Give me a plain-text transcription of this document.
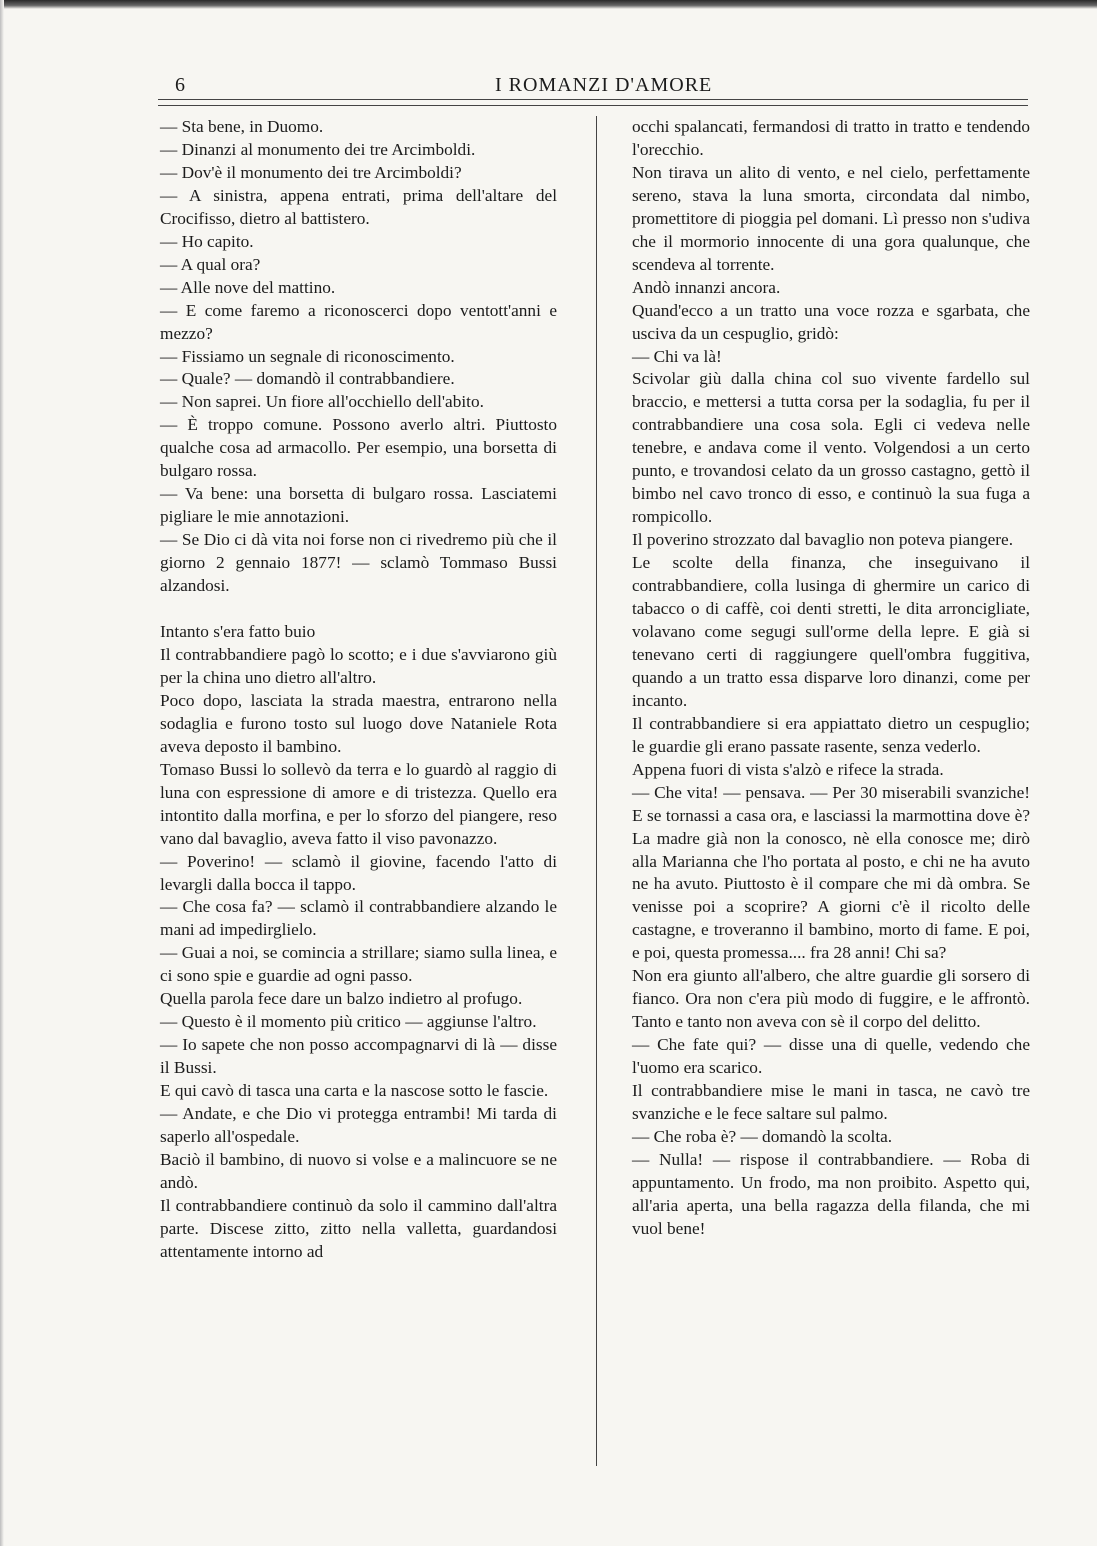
6	I ROMANZI D'AMORE

— Sta bene, in Duomo.

— Dinanzi al monumento dei tre Arcimboldi.

— Dov'è il monumento dei tre Arcimboldi?

— A sinistra, appena entrati, prima dell'altare del Crocifisso, dietro al battistero.

— Ho capito.

— A qual ora?

— Alle nove del mattino.

— E come faremo a riconoscerci dopo ventott'anni e mezzo?

— Fissiamo un segnale di riconoscimento.

— Quale? — domandò il contrabbandiere.

— Non saprei. Un fiore all'occhiello dell'abito.

— È troppo comune. Possono averlo altri. Piuttosto qualche cosa ad armacollo. Per esempio, una borsetta di bulgaro rossa.

— Va bene: una borsetta di bulgaro rossa. Lasciatemi pigliare le mie annotazioni.

— Se Dio ci dà vita noi forse non ci rivedremo più che il giorno 2 gennaio 1877! — sclamò Tommaso Bussi alzandosi.

Intanto s'era fatto buio

Il contrabbandiere pagò lo scotto; e i due s'avviarono giù per la china uno dietro all'altro.

Poco dopo, lasciata la strada maestra, entrarono nella sodaglia e furono tosto sul luogo dove Nataniele Rota aveva deposto il bambino.

Tomaso Bussi lo sollevò da terra e lo guardò al raggio di luna con espressione di amore e di tristezza. Quello era intontito dalla morfina, e per lo sforzo del piangere, reso vano dal bavaglio, aveva fatto il viso pavonazzo.

— Poverino! — sclamò il giovine, facendo l'atto di levargli dalla bocca il tappo.

— Che cosa fa? — sclamò il contrabbandiere alzando le mani ad impedirglielo.

— Guai a noi, se comincia a strillare; siamo sulla linea, e ci sono spie e guardie ad ogni passo.

Quella parola fece dare un balzo indietro al profugo.

— Questo è il momento più critico — aggiunse l'altro.

— Io sapete che non posso accompagnarvi di là — disse il Bussi.

E qui cavò di tasca una carta e la nascose sotto le fascie.

— Andate, e che Dio vi protegga entrambi! Mi tarda di saperlo all'ospedale.

Baciò il bambino, di nuovo si volse e a malincuore se ne andò.

Il contrabbandiere continuò da solo il cammino dall'altra parte. Discese zitto, zitto nella valletta, guardandosi attentamente intorno ad

occhi spalancati, fermandosi di tratto in tratto e tendendo l'orecchio.

Non tirava un alito di vento, e nel cielo, perfettamente sereno, stava la luna smorta, circondata dal nimbo, promettitore di pioggia pel domani. Lì presso non s'udiva che il mormorio innocente di una gora qualunque, che scendeva al torrente.

Andò innanzi ancora.

Quand'ecco a un tratto una voce rozza e sgarbata, che usciva da un cespuglio, gridò:

— Chi va là!

Scivolar giù dalla china col suo vivente fardello sul braccio, e mettersi a tutta corsa per la sodaglia, fu per il contrabbandiere una cosa sola. Egli ci vedeva nelle tenebre, e andava come il vento. Volgendosi a un certo punto, e trovandosi celato da un grosso castagno, gettò il bimbo nel cavo tronco di esso, e continuò la sua fuga a rompicollo.

Il poverino strozzato dal bavaglio non poteva piangere.

Le scolte della finanza, che inseguivano il contrabbandiere, colla lusinga di ghermire un carico di tabacco o di caffè, coi denti stretti, le dita arroncigliate, volavano come segugi sull'orme della lepre. E già si tenevano certi di raggiungere quell'ombra fuggitiva, quando a un tratto essa disparve loro dinanzi, come per incanto.

Il contrabbandiere si era appiattato dietro un cespuglio; le guardie gli erano passate rasente, senza vederlo.

Appena fuori di vista s'alzò e rifece la strada.

— Che vita! — pensava. — Per 30 miserabili svanziche! E se tornassi a casa ora, e lasciassi la marmottina dove è? La madre già non la conosco, nè ella conosce me; dirò alla Marianna che l'ho portata al posto, e chi ne ha avuto ne ha avuto. Piuttosto è il compare che mi dà ombra. Se venisse poi a scoprire? A giorni c'è il ricolto delle castagne, e troveranno il bambino, morto di fame. E poi, e poi, questa promessa.... fra 28 anni! Chi sa?

Non era giunto all'albero, che altre guardie gli sorsero di fianco. Ora non c'era più modo di fuggire, e le affrontò. Tanto e tanto non aveva con sè il corpo del delitto.

— Che fate qui? — disse una di quelle, vedendo che l'uomo era scarico.

Il contrabbandiere mise le mani in tasca, ne cavò tre svanziche e le fece saltare sul palmo.

— Che roba è? — domandò la scolta.

— Nulla! — rispose il contrabbandiere. — Roba di appuntamento. Un frodo, ma non proibito. Aspetto qui, all'aria aperta, una bella ragazza della filanda, che mi vuol bene!
